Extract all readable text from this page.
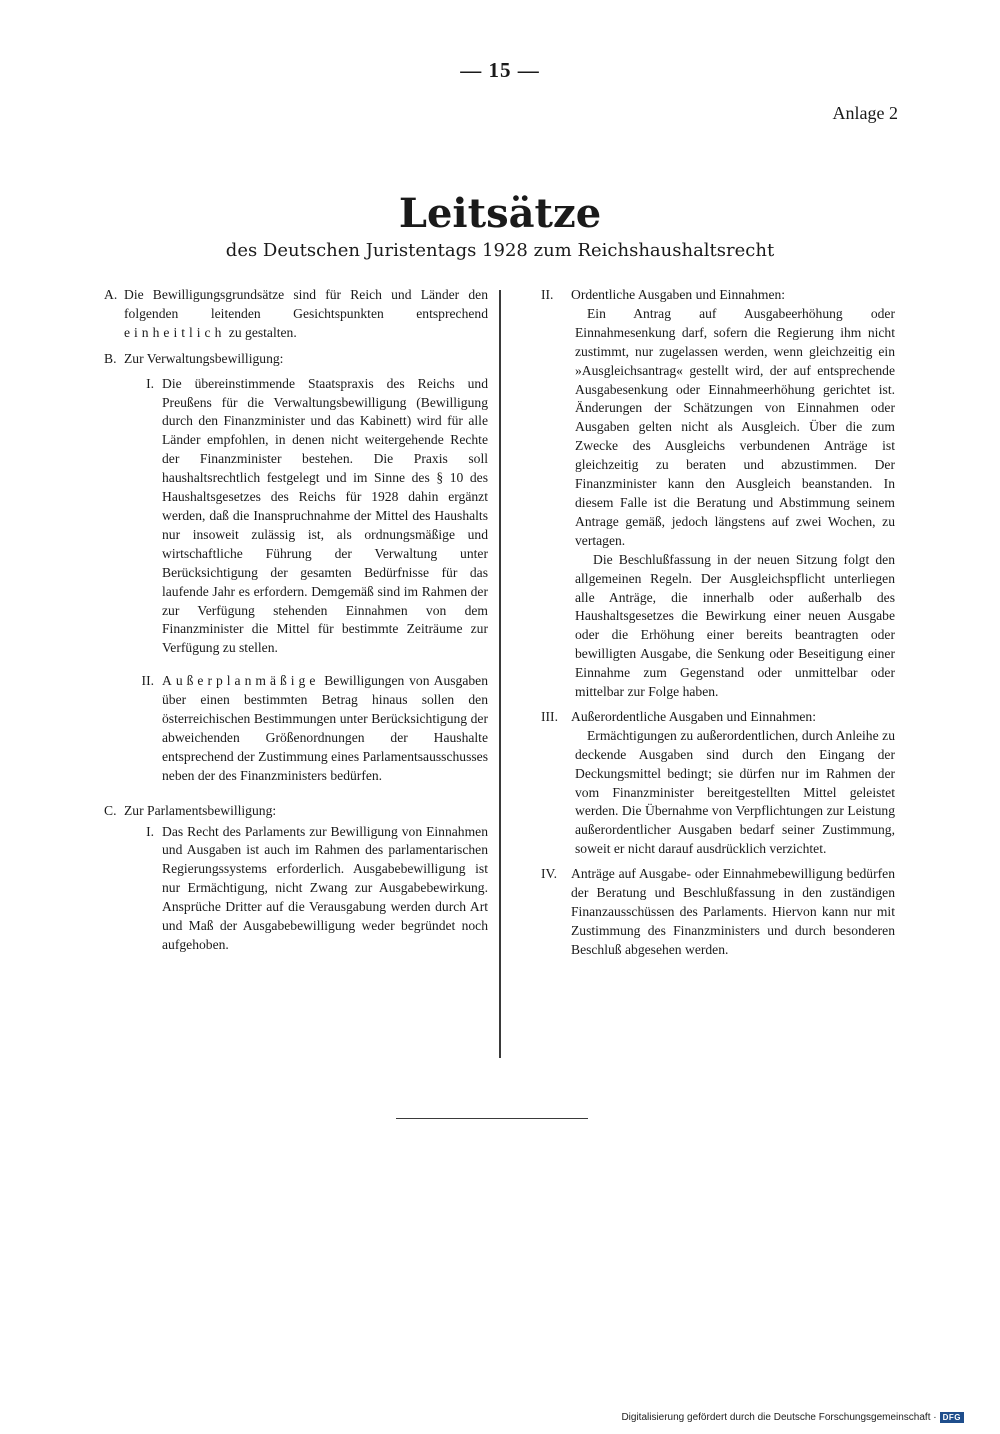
— 15 —
Anlage 2
Leitsätze
des Deutschen Juristentags 1928 zum Reichshaushaltsrecht
A. Die Bewilligungsgrundsätze sind für Reich und Länder den folgenden leitenden Gesichtspunkten entsprechend einheitlich zu gestalten.
B. Zur Verwaltungsbewilligung:
I. Die übereinstimmende Staatspraxis des Reichs und Preußens für die Verwaltungsbewilligung (Bewilligung durch den Finanzminister und das Kabinett) wird für alle Länder empfohlen, in denen nicht weitergehende Rechte der Finanzminister bestehen. Die Praxis soll haushaltsrechtlich festgelegt und im Sinne des § 10 des Haushaltsgesetzes des Reichs für 1928 dahin ergänzt werden, daß die Inanspruchnahme der Mittel des Haushalts nur insoweit zulässig ist, als ordnungsmäßige und wirtschaftliche Führung der Verwaltung unter Berücksichtigung der gesamten Bedürfnisse für das laufende Jahr es erfordern. Demgemäß sind im Rahmen der zur Verfügung stehenden Einnahmen von dem Finanzminister die Mittel für bestimmte Zeiträume zur Verfügung zu stellen.
II. Außerplanmäßige Bewilligungen von Ausgaben über einen bestimmten Betrag hinaus sollen den österreichischen Bestimmungen unter Berücksichtigung der abweichenden Größenordnungen der Haushalte entsprechend der Zustimmung eines Parlamentsausschusses neben der des Finanzministers bedürfen.
C. Zur Parlamentsbewilligung:
I. Das Recht des Parlaments zur Bewilligung von Einnahmen und Ausgaben ist auch im Rahmen des parlamentarischen Regierungssystems erforderlich. Ausgabebewilligung ist nur Ermächtigung, nicht Zwang zur Ausgabebewirkung. Ansprüche Dritter auf die Verausgabung werden durch Art und Maß der Ausgabebewilligung weder begründet noch aufgehoben.
II.	Ordentliche Ausgaben und Einnahmen:
Ein Antrag auf Ausgabeerhöhung oder Einnahmesenkung darf, sofern die Regierung ihm nicht zustimmt, nur zugelassen werden, wenn gleichzeitig ein »Ausgleichsantrag« gestellt wird, der auf entsprechende Ausgabesenkung oder Einnahmeerhöhung gerichtet ist. Änderungen der Schätzungen von Einnahmen oder Ausgaben gelten nicht als Ausgleich. Über die zum Zwecke des Ausgleichs verbundenen Anträge ist gleichzeitig zu beraten und abzustimmen. Der Finanzminister kann den Ausgleich beanstanden. In diesem Falle ist die Beratung und Abstimmung seinem Antrage gemäß, jedoch längstens auf zwei Wochen, zu vertagen.
Die Beschlußfassung in der neuen Sitzung folgt den allgemeinen Regeln. Der Ausgleichspflicht unterliegen alle Anträge, die innerhalb oder außerhalb des Haushaltsgesetzes die Bewirkung einer neuen Ausgabe oder die Erhöhung einer bereits beantragten oder bewilligten Ausgabe, die Senkung oder Beseitigung einer Einnahme zum Gegenstand oder unmittelbar oder mittelbar zur Folge haben.
III. Außerordentliche Ausgaben und Einnahmen:
Ermächtigungen zu außerordentlichen, durch Anleihe zu deckende Ausgaben sind durch den Eingang der Deckungsmittel bedingt; sie dürfen nur im Rahmen der vom Finanzminister bereitgestellten Mittel geleistet werden. Die Übernahme von Verpflichtungen zur Leistung außerordentlicher Ausgaben bedarf seiner Zustimmung, soweit er nicht darauf ausdrücklich verzichtet.
IV.	Anträge auf Ausgabe- oder Einnahmebewilligung bedürfen der Beratung und Beschlußfassung in den zuständigen Finanzausschüssen des Parlaments. Hiervon kann nur mit Zustimmung des Finanzministers und durch besonderen Beschluß abgesehen werden.
Digitalisierung gefördert durch die Deutsche Forschungsgemeinschaft · DFG
